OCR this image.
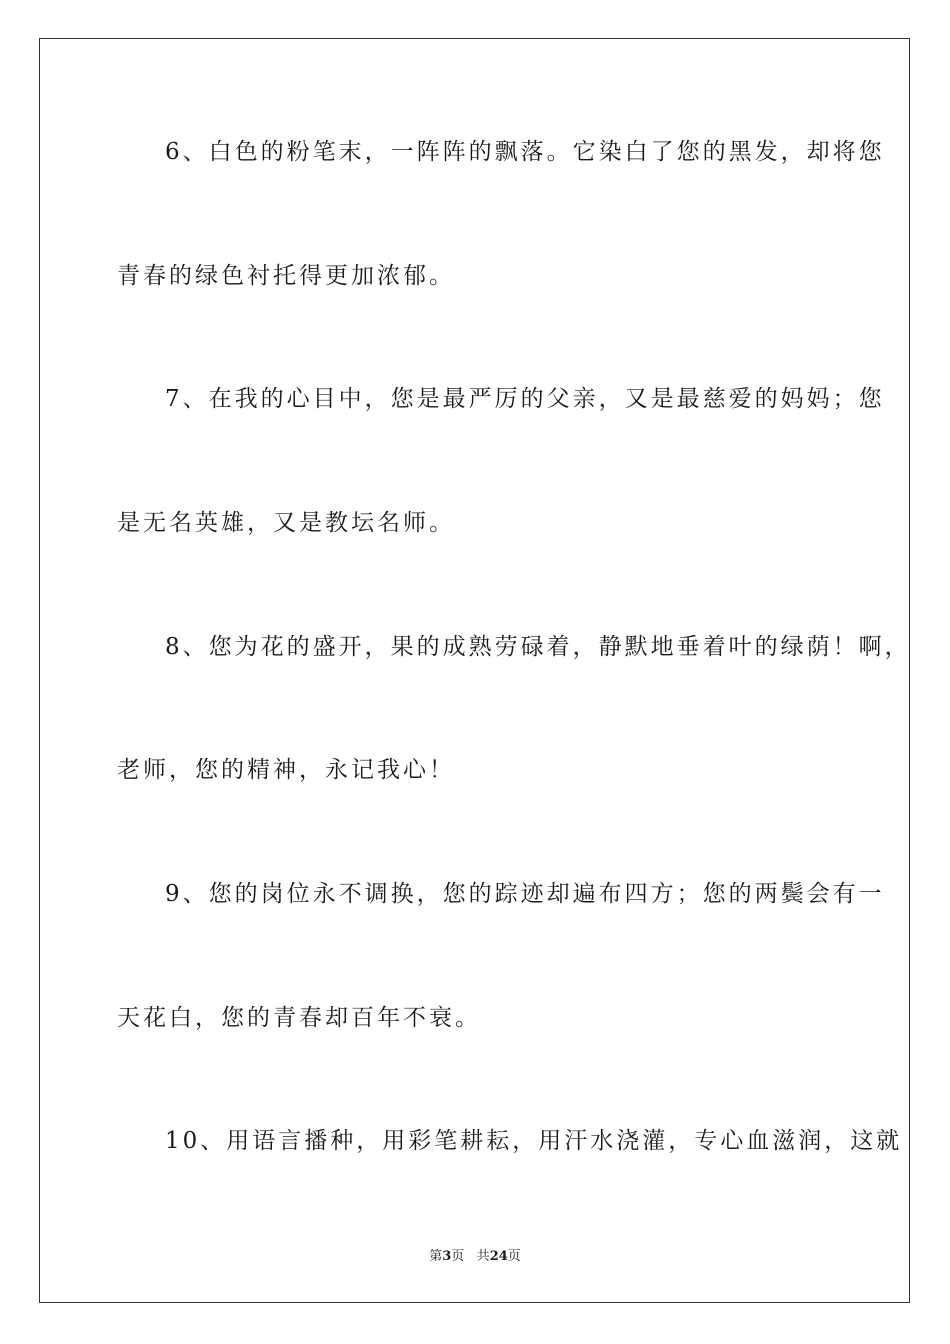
6、白色的粉笔末，一阵阵的飘落。它染白了您的黑发，却将您
青春的绿色衬托得更加浓郁。
7、在我的心目中，您是最严厉的父亲，又是最慈爱的妈妈；您
是无名英雄，又是教坛名师。
8、您为花的盛开，果的成熟劳碌着，静默地垂着叶的绿荫！啊，
老师，您的精神，永记我心！
9、您的岗位永不调换，您的踪迹却遍布四方；您的两鬓会有一
天花白，您的青春却百年不衰。
10、用语言播种，用彩笔耕耘，用汗水浇灌，专心血滋润，这就
第3页 共24页
